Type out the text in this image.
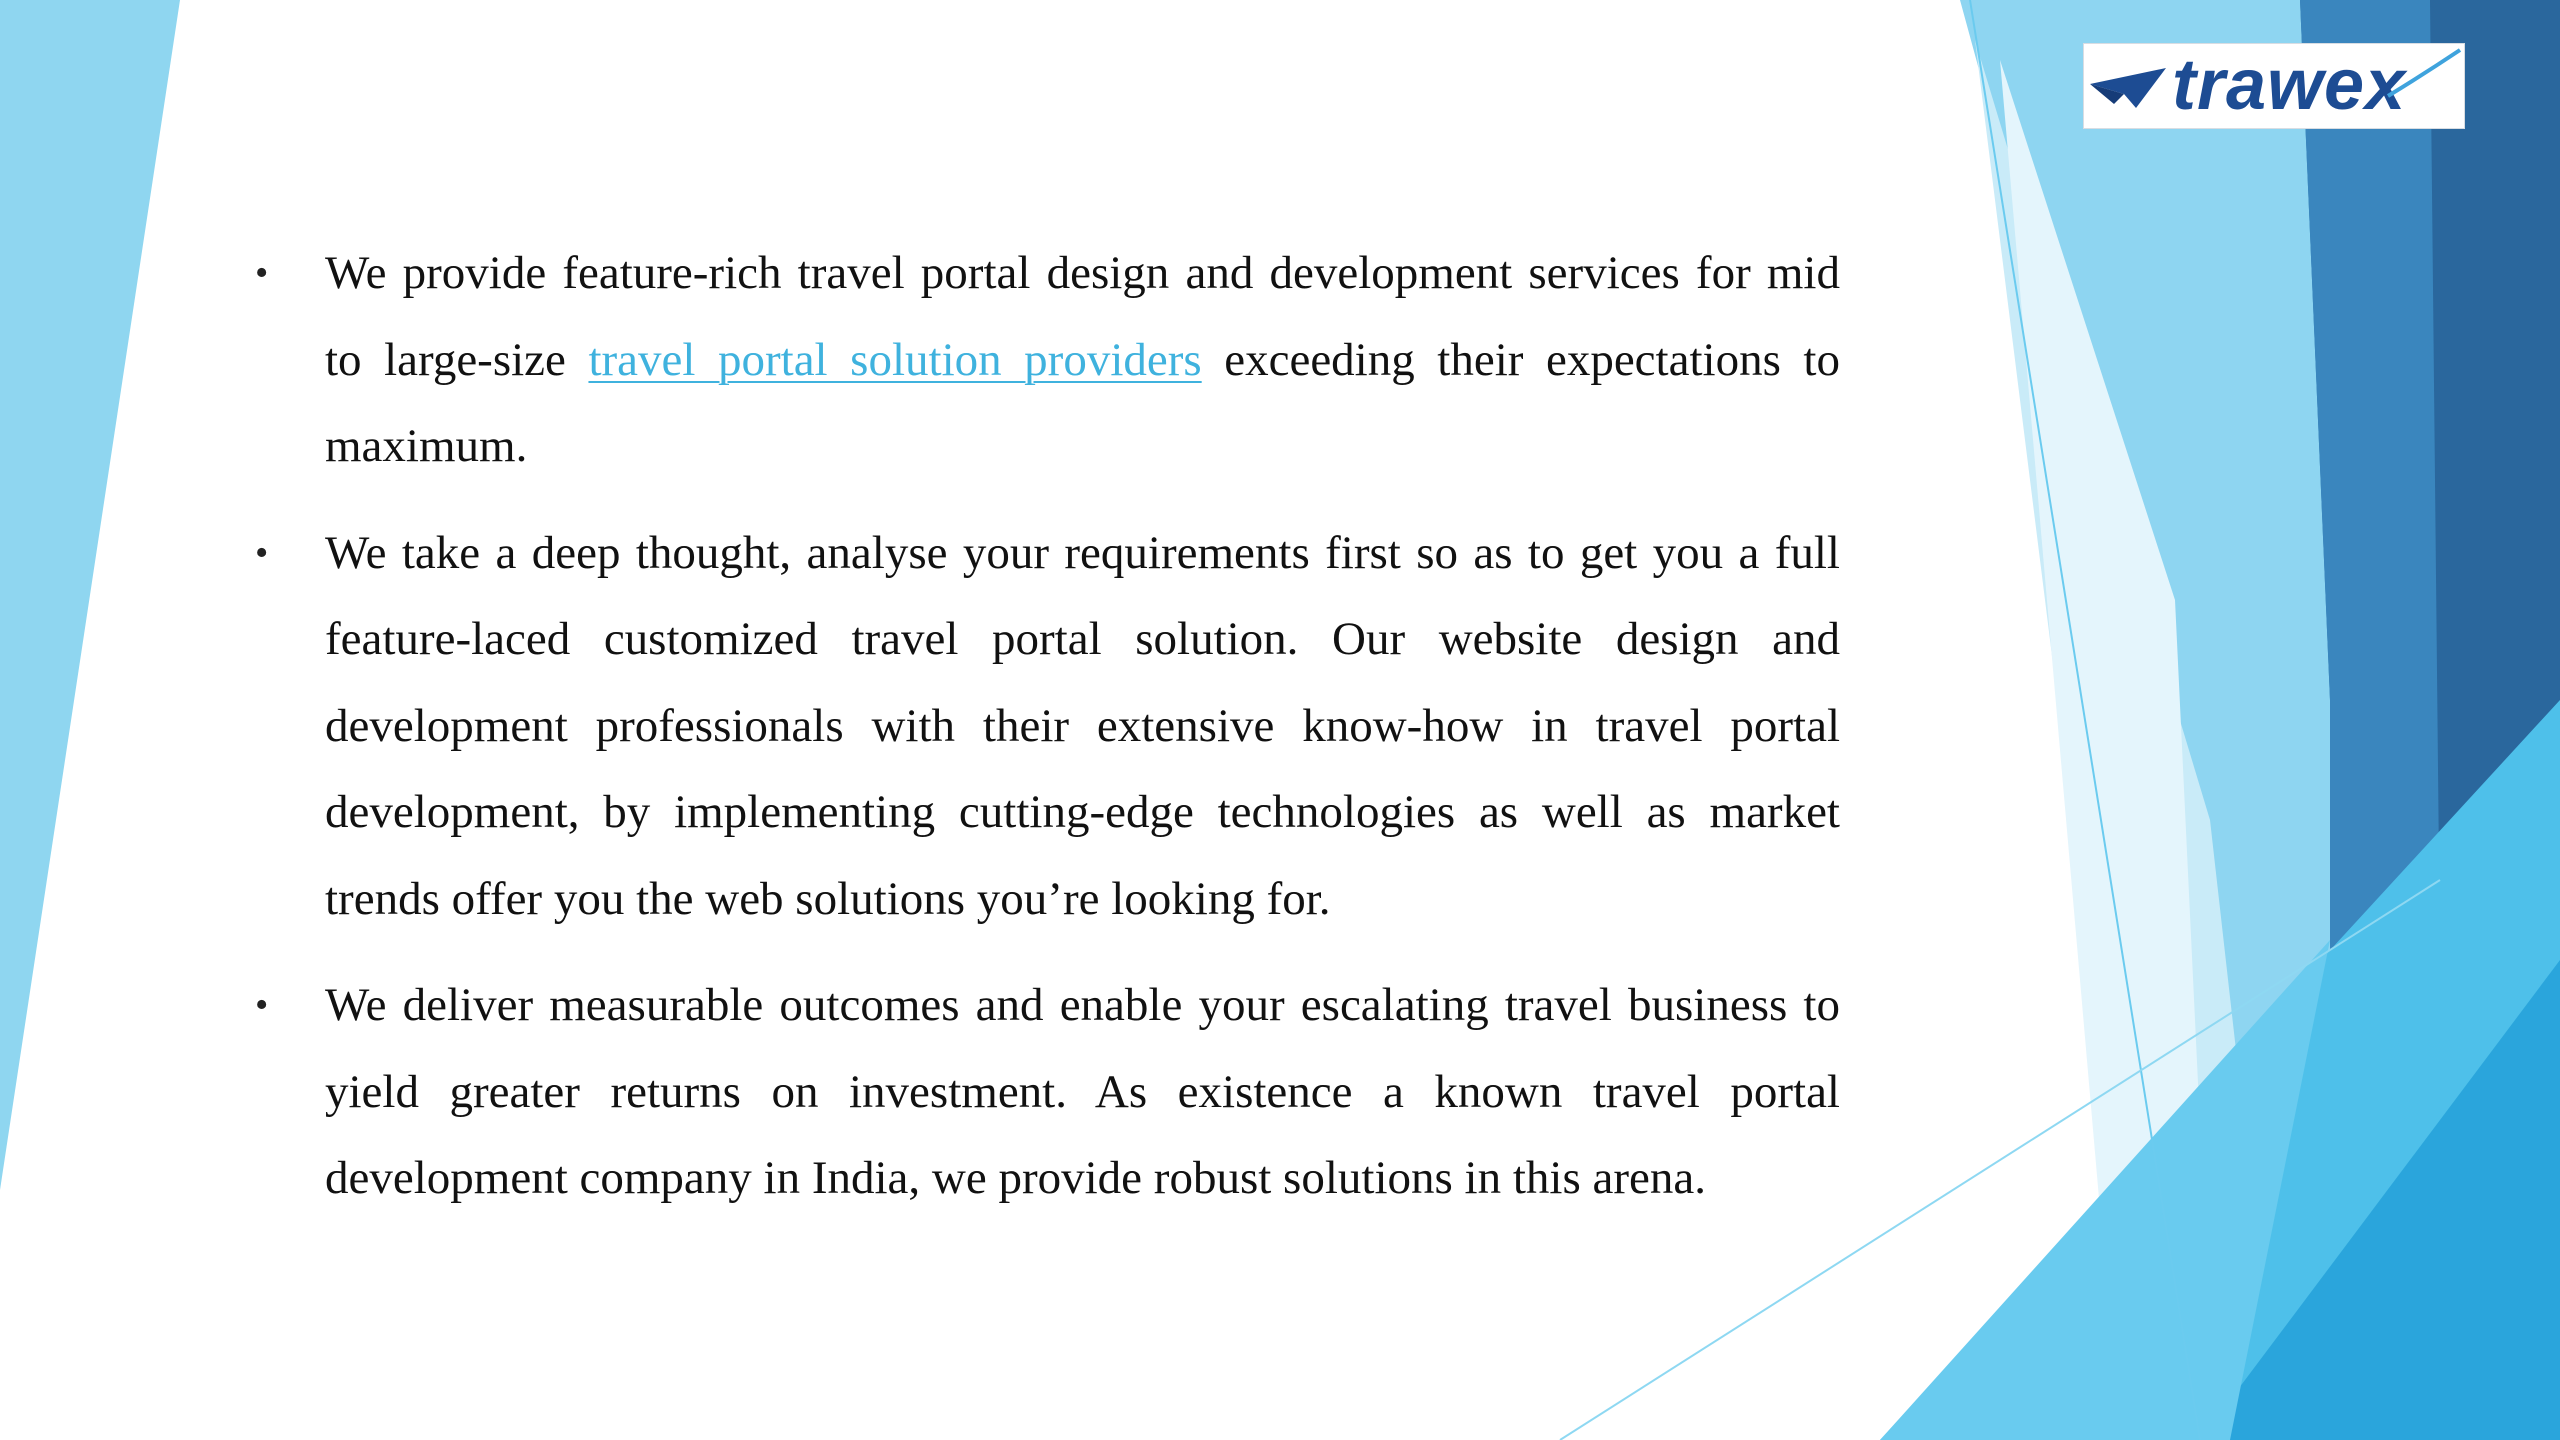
trawex

•	We provide feature-rich travel portal design and development services for mid to large-size travel portal solution providers exceeding their expectations to maximum.

•	We take a deep thought, analyse your requirements first so as to get you a full feature-laced customized travel portal solution. Our website design and development professionals with their extensive know-how in travel portal development, by implementing cutting-edge technologies as well as market trends offer you the web solutions you’re looking for.

•	We deliver measurable outcomes and enable your escalating travel business to yield greater returns on investment. As existence a known travel portal development company in India, we provide robust solutions in this arena.
